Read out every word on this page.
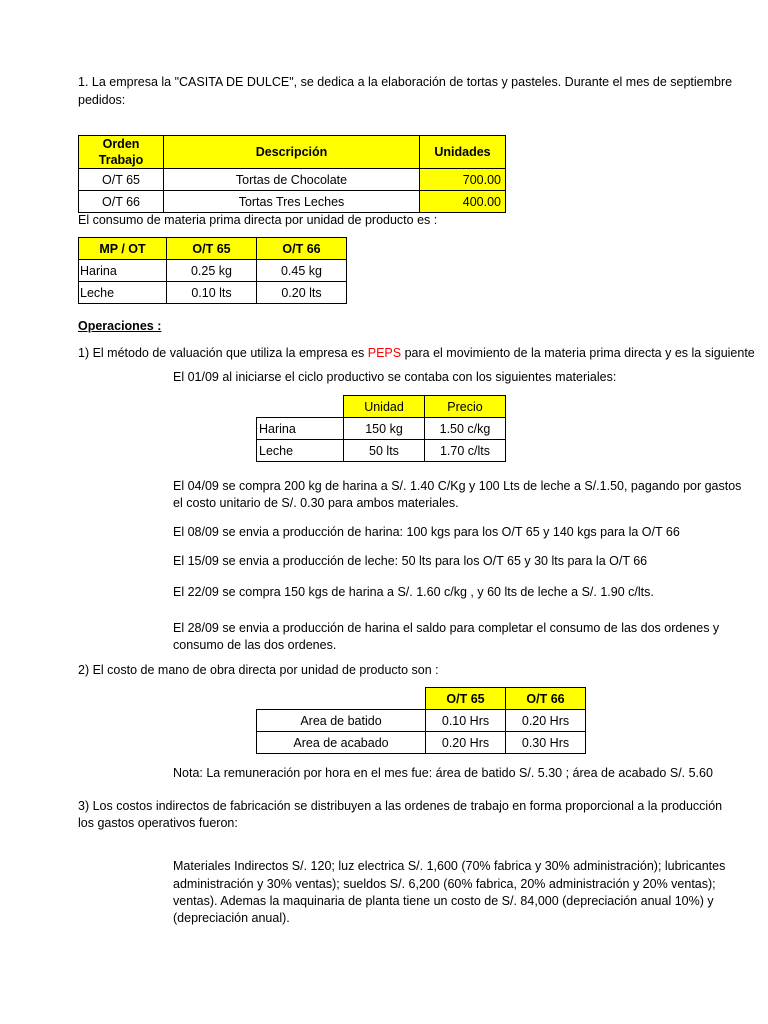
1. La empresa la "CASITA DE DULCE", se dedica a la elaboración de tortas y pasteles. Durante el mes de septiembre
pedidos:
Orden Trabajo	Descripción	Unidades
O/T 65	Tortas de Chocolate	700.00
O/T 66	Tortas Tres Leches	400.00
El consumo de materia prima directa por unidad de producto es :
MP / OT	O/T 65	O/T 66
Harina	0.25 kg	0.45 kg
Leche	0.10 lts	0.20 lts
Operaciones :
1) El método de valuación que utiliza la empresa es PEPS para el movimiento de la materia prima directa y es la siguiente
El 01/09 al iniciarse el ciclo productivo se contaba con los siguientes materiales:
	Unidad	Precio
Harina	150 kg	1.50 c/kg
Leche	50 lts	1.70 c/lts
El 04/09 se compra 200 kg de harina a S/. 1.40 C/Kg y 100 Lts de leche a S/.1.50, pagando por gastos
el costo unitario de S/. 0.30 para ambos materiales.
El 08/09 se envia a producción de harina: 100 kgs para los O/T 65 y 140 kgs para la O/T 66
El 15/09 se envia a producción de leche: 50 lts para los O/T 65 y 30 lts para la O/T 66
El 22/09 se compra 150 kgs de harina a S/. 1.60 c/kg , y 60 lts de leche a S/. 1.90 c/lts.
El 28/09 se envia a producción de harina el saldo para completar el consumo de las dos ordenes y
consumo de las dos ordenes.
2) El costo de mano de obra directa por unidad de producto son :
	O/T 65	O/T 66
Area de batido	0.10 Hrs	0.20 Hrs
Area de acabado	0.20 Hrs	0.30 Hrs
Nota: La remuneración por hora en el mes fue: área de batido S/. 5.30 ; área de acabado S/. 5.60
3) Los costos indirectos de fabricación se distribuyen a las ordenes de trabajo en forma proporcional a la producción
los gastos operativos fueron:
Materiales Indirectos S/. 120; luz electrica S/. 1,600 (70% fabrica y 30% administración); lubricantes
administración y 30% ventas); sueldos S/. 6,200 (60% fabrica, 20% administración y 20% ventas);
ventas). Ademas la maquinaria de planta tiene un costo de S/. 84,000 (depreciación anual 10%) y
(depreciación anual).
